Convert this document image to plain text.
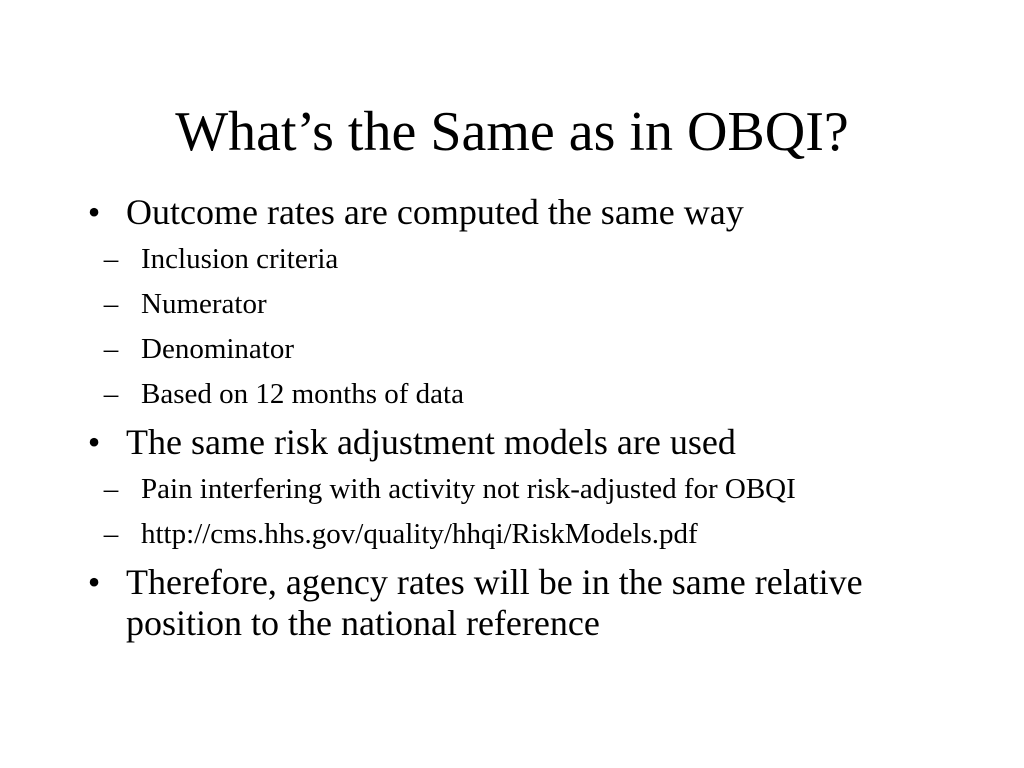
What’s the Same as in OBQI?
• Outcome rates are computed the same way
– Inclusion criteria
– Numerator
– Denominator
– Based on 12 months of data
• The same risk adjustment models are used
– Pain interfering with activity not risk-adjusted for OBQI
– http://cms.hhs.gov/quality/hhqi/RiskModels.pdf
• Therefore, agency rates will be in the same relative position to the national reference
